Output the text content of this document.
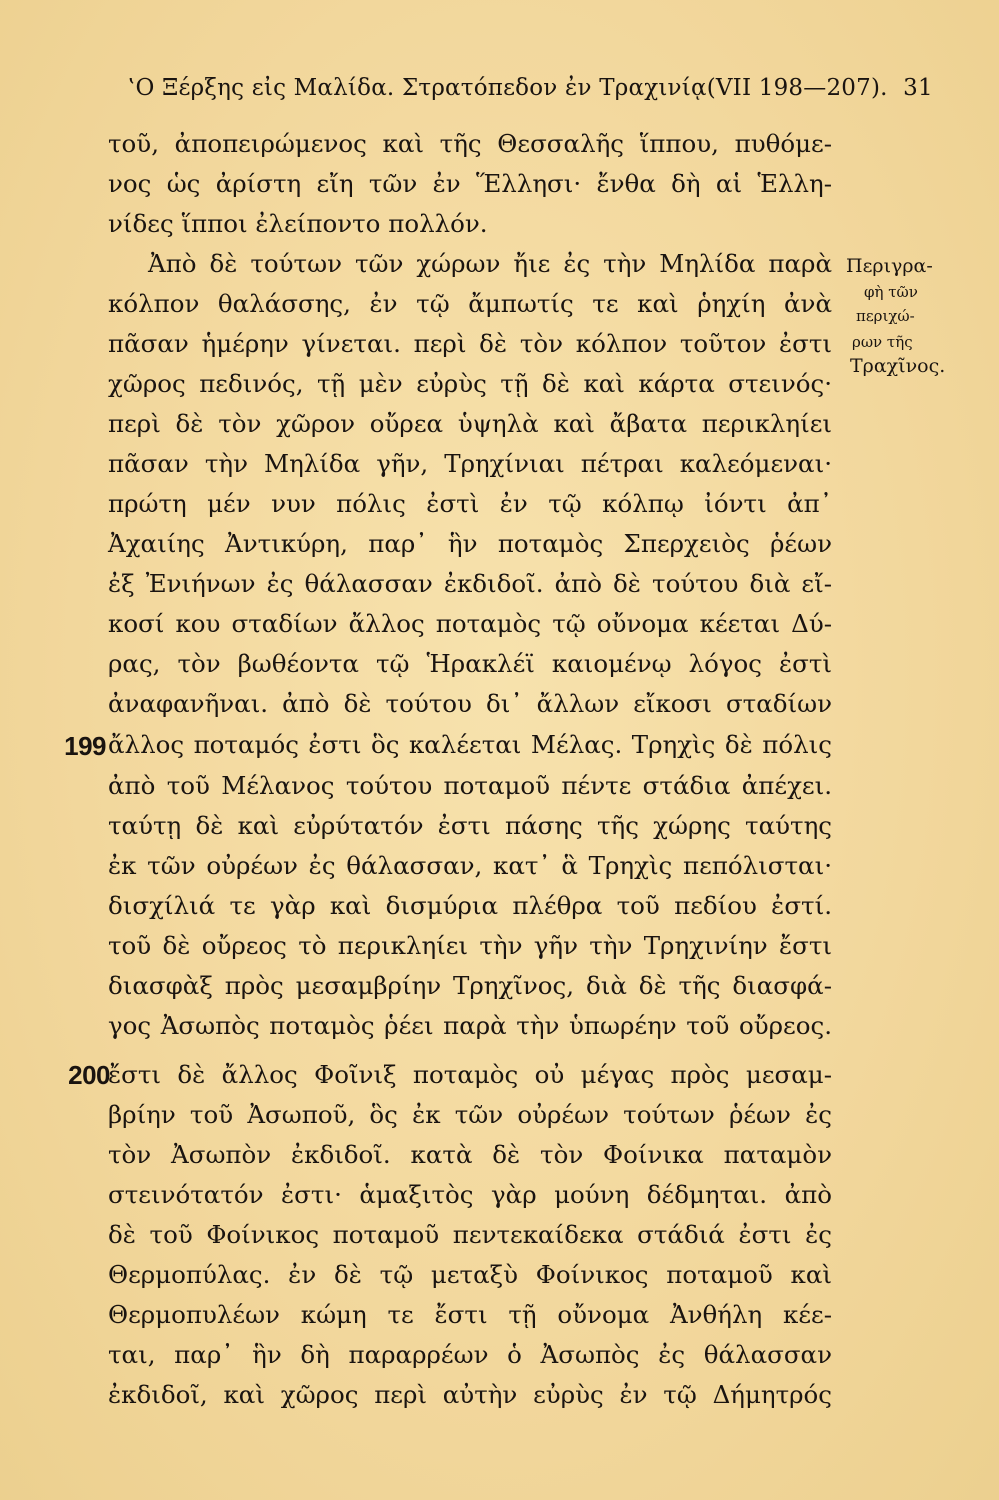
‛Ο Ξέρξης εἰς Μαλίδα. Στρατόπεδον ἐν Τραχινίᾳ(VII 198—207). 31
τοῦ, ἀποπειρώμενος καὶ τῆς Θεσσαλῆς ἵππου, πυθόμε-
νος ὡς ἀρίστη εἴη τῶν ἐν Ἕλλησι· ἔνθα δὴ αἱ Ἑλλη-
νίδες ἵπποι ἐλείποντο πολλόν.
Ἀπὸ δὲ τούτων τῶν χώρων ἤιε ἐς τὴν Μηλίδα παρὰ
κόλπον θαλάσσης, ἐν τῷ ἄμπωτίς τε καὶ ῥηχίη ἀνὰ
πᾶσαν ἡμέρην γίνεται. περὶ δὲ τὸν κόλπον τοῦτον ἐστι
χῶρος πεδινός, τῇ μὲν εὐρὺς τῇ δὲ καὶ κάρτα στεινός·
περὶ δὲ τὸν χῶρον οὔρεα ὑψηλὰ καὶ ἄβατα περικληίει
πᾶσαν τὴν Μηλίδα γῆν, Τρηχίνιαι πέτραι καλεόμεναι·
πρώτη μέν νυν πόλις ἐστὶ ἐν τῷ κόλπῳ ἰόντι ἀπ᾽
Ἀχαιίης Ἀντικύρη, παρ᾽ ἣν ποταμὸς Σπερχειὸς ῥέων
ἐξ Ἐνιήνων ἐς θάλασσαν ἐκδιδοῖ. ἀπὸ δὲ τούτου διὰ εἴ-
κοσί κου σταδίων ἄλλος ποταμὸς τῷ οὔνομα κέεται Δύ-
ρας, τὸν βωθέοντα τῷ Ἡρακλέϊ καιομένῳ λόγος ἐστὶ
ἀναφανῆναι. ἀπὸ δὲ τούτου δι᾽ ἄλλων εἴκοσι σταδίων
ἄλλος ποταμός ἐστι ὃς καλέεται Μέλας. Τρηχὶς δὲ πόλις
ἀπὸ τοῦ Μέλανος τούτου ποταμοῦ πέντε στάδια ἀπέχει.
ταύτῃ δὲ καὶ εὐρύτατόν ἐστι πάσης τῆς χώρης ταύτης
ἐκ τῶν οὐρέων ἐς θάλασσαν, κατ᾽ ἃ Τρηχὶς πεπόλισται·
δισχίλιά τε γὰρ καὶ δισμύρια πλέθρα τοῦ πεδίου ἐστί.
τοῦ δὲ οὔρεος τὸ περικληίει τὴν γῆν τὴν Τρηχινίην ἔστι
διασφὰξ πρὸς μεσαμβρίην Τρηχῖνος, διὰ δὲ τῆς διασφά-
γος Ἀσωπὸς ποταμὸς ῥέει παρὰ τὴν ὑπωρέην τοῦ οὔρεος.
ἔστι δὲ ἄλλος Φοῖνιξ ποταμὸς οὐ μέγας πρὸς μεσαμ-
βρίην τοῦ Ἀσωποῦ, ὃς ἐκ τῶν οὐρέων τούτων ῥέων ἐς
τὸν Ἀσωπὸν ἐκδιδοῖ. κατὰ δὲ τὸν Φοίνικα παταμὸν
στεινότατόν ἐστι· ἁμαξιτὸς γὰρ μούνη δέδμηται. ἀπὸ
δὲ τοῦ Φοίνικος ποταμοῦ πεντεκαίδεκα στάδιά ἐστι ἐς
Θερμοπύλας. ἐν δὲ τῷ μεταξὺ Φοίνικος ποταμοῦ καὶ
Θερμοπυλέων κώμη τε ἔστι τῇ οὔνομα Ἀνθήλη κέε-
ται, παρ᾽ ἣν δὴ παραρρέων ὁ Ἀσωπὸς ἐς θάλασσαν
ἐκδιδοῖ, καὶ χῶρος περὶ αὐτὴν εὐρὺς ἐν τῷ Δήμητρός
199
200
Περιγρα-
φὴ τῶν
περιχώ-
ρων τῆς
Τραχῖνος.
